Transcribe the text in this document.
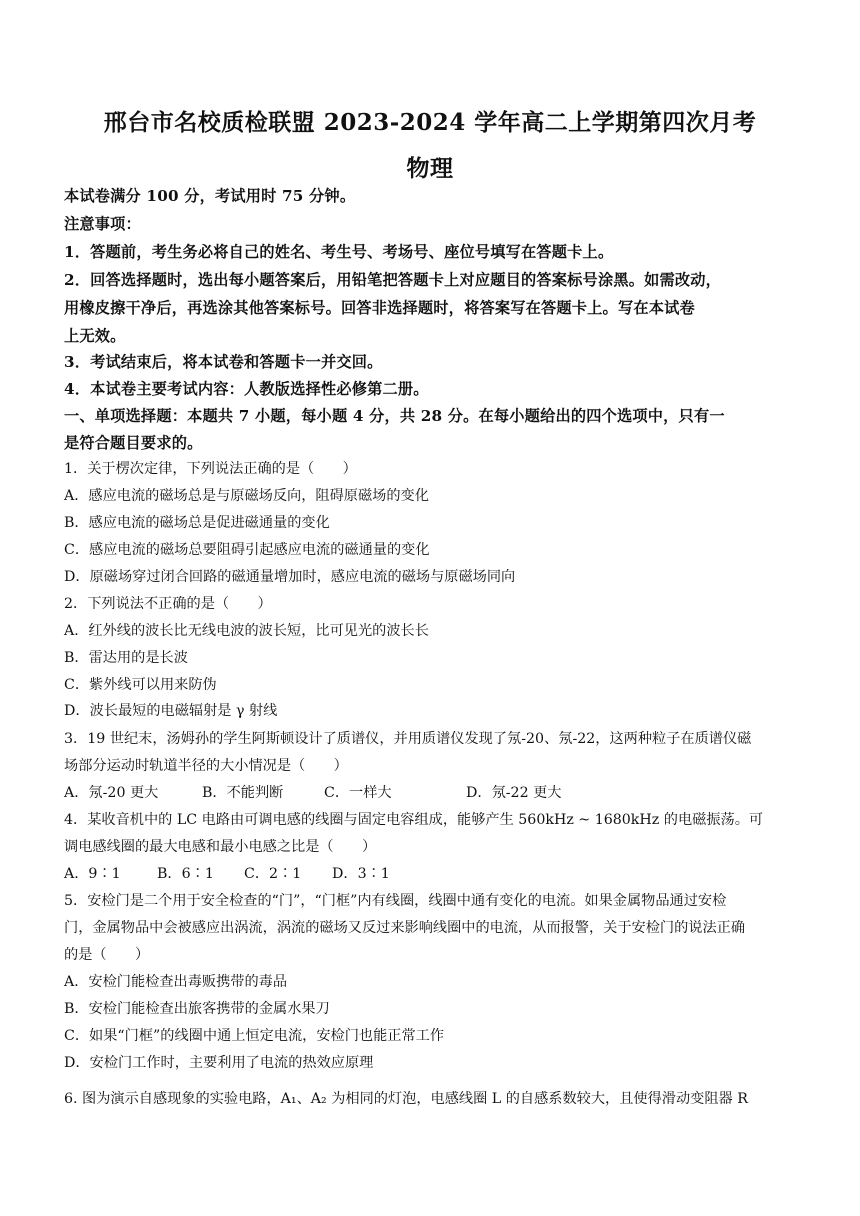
邢台市名校质检联盟 2023-2024 学年高二上学期第四次月考
物理
本试卷满分 100 分，考试用时 75 分钟。
注意事项：
1．答题前，考生务必将自己的姓名、考生号、考场号、座位号填写在答题卡上。
2．回答选择题时，选出每小题答案后，用铅笔把答题卡上对应题目的答案标号涂黑。如需改动，
用橡皮擦干净后，再选涂其他答案标号。回答非选择题时，将答案写在答题卡上。写在本试卷
上无效。
3．考试结束后，将本试卷和答题卡一并交回。
4．本试卷主要考试内容：人教版选择性必修第二册。
一、单项选择题：本题共 7 小题，每小题 4 分，共 28 分。在每小题给出的四个选项中，只有一
是符合题目要求的。
1．关于楞次定律，下列说法正确的是（　　）
A．感应电流的磁场总是与原磁场反向，阻碍原磁场的变化
B．感应电流的磁场总是促进磁通量的变化
C．感应电流的磁场总要阻碍引起感应电流的磁通量的变化
D．原磁场穿过闭合回路的磁通量增加时，感应电流的磁场与原磁场同向
2．下列说法不正确的是（　　）
A．红外线的波长比无线电波的波长短，比可见光的波长长
B．雷达用的是长波
C．紫外线可以用来防伪
D．波长最短的电磁辐射是 γ 射线
3．19 世纪末，汤姆孙的学生阿斯顿设计了质谱仪，并用质谱仪发现了氖-20、氖-22，这两种粒子在质谱仪磁
场部分运动时轨道半径的大小情况是（　　）
A．氖-20 更大	B．不能判断	C．一样大	D．氖-22 更大
4．某收音机中的 LC 电路由可调电感的线圈与固定电容组成，能够产生 560kHz ~ 1680kHz 的电磁振荡。可
调电感线圈的最大电感和最小电感之比是（　　）
A．9∶1	B．6∶1 C．2∶1 D．3∶1
5．安检门是二个用于安全检查的“门”，“门框”内有线圈，线圈中通有变化的电流。如果金属物品通过安检
门，金属物品中会被感应出涡流，涡流的磁场又反过来影响线圈中的电流，从而报警，关于安检门的说法正确
的是（　　）
A．安检门能检查出毒贩携带的毒品
B．安检门能检查出旅客携带的金属水果刀
C．如果“门框”的线圈中通上恒定电流，安检门也能正常工作
D．安检门工作时，主要利用了电流的热效应原理
6. 图为演示自感现象的实验电路，A₁、A₂ 为相同的灯泡，电感线圈 L 的自感系数较大，且使得滑动变阻器 R
